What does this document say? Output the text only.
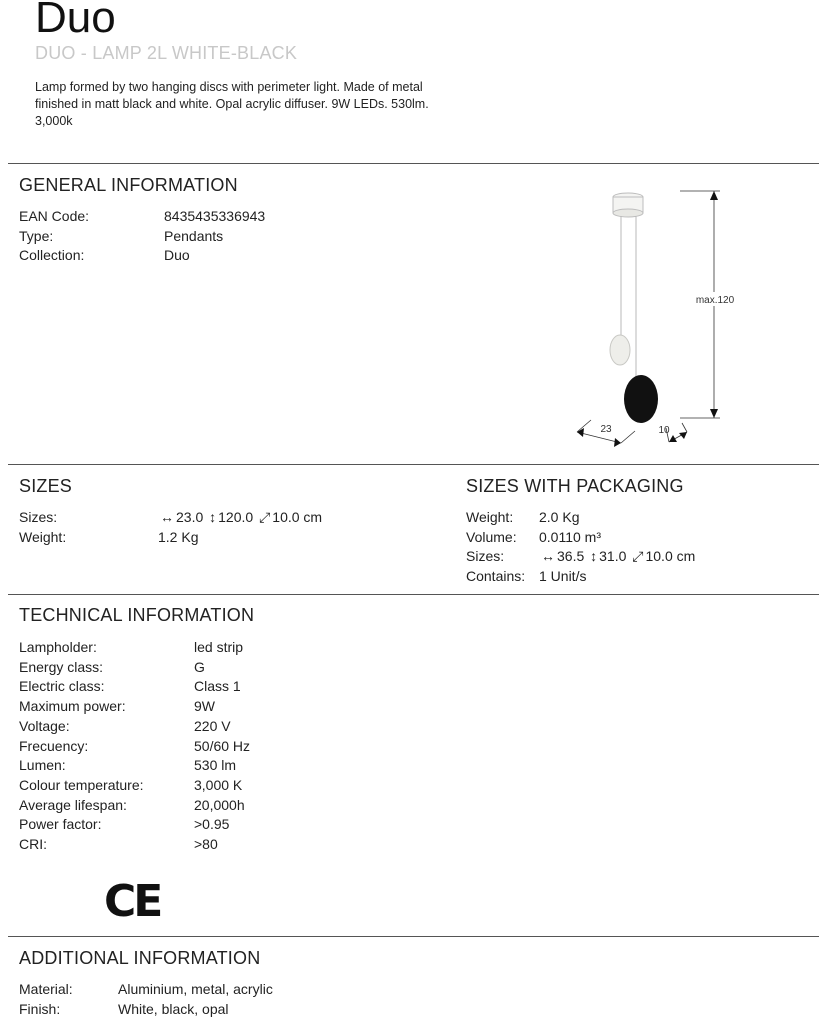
Duo
DUO - LAMP 2L WHITE-BLACK
Lamp formed by two hanging discs with perimeter light. Made of metal finished in matt black and white. Opal acrylic diffuser. 9W LEDs. 530lm. 3,000k
GENERAL INFORMATION
EAN Code:	8435435336943
Type:	Pendants
Collection:	Duo
max.120
23	10
SIZES
Sizes:	↔ 23.0 ↕ 120.0 ⤢ 10.0 cm
Weight:	1.2 Kg
SIZES WITH PACKAGING
Weight:	2.0 Kg
Volume:	0.0110 m³
Sizes:	↔ 36.5 ↕ 31.0 ⤢ 10.0 cm
Contains: 1 Unit/s
TECHNICAL INFORMATION
Lampholder:	led strip
Energy class:	G
Electric class:	Class 1
Maximum power:	9W
Voltage:	220 V
Frecuency:	50/60 Hz
Lumen:	530 lm
Colour temperature:	3,000 K
Average lifespan:	20,000h
Power factor:	>0.95
CRI:	>80
CE
ADDITIONAL INFORMATION
Material:	Aluminium, metal, acrylic
Finish:	White, black, opal
